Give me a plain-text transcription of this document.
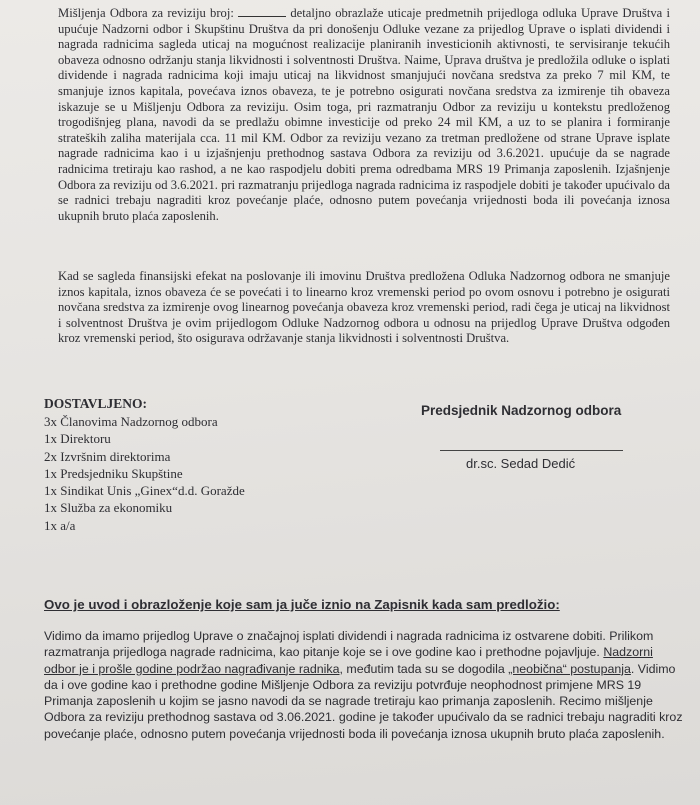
Mišljenja Odbora za reviziju broj:	detaljno obrazlaže uticaje predmetnih prijedloga odluka Uprave Društva i upućuje Nadzorni odbor i Skupštinu Društva da pri donošenju Odluke vezane za prijedlog Uprave o isplati dividendi i nagrada radnicima sagleda uticaj na mogućnost realizacije planiranih investicionih aktivnosti, te servisiranje tekućih obaveza odnosno održanju stanja likvidnosti i solventnosti Društva. Naime, Uprava društva je predložila odluke o isplati dividende i nagrada radnicima koji imaju uticaj na likvidnost smanjujući novčana sredstva za preko 7 mil KM, te smanjuje iznos kapitala, povećava iznos obaveza, te je potrebno osigurati novčana sredstva za izmirenje tih obaveza iskazuje se u Mišljenju Odbora za reviziju. Osim toga, pri razmatranju Odbor za reviziju u kontekstu predloženog trogodišnjeg plana, navodi da se predlažu obimne investicije od preko 24 mil KM, a uz to se planira i formiranje strateških zaliha materijala cca. 11 mil KM. Odbor za reviziju vezano za tretman predložene od strane Uprave isplate nagrade radnicima kao i u izjašnjenju prethodnog sastava Odbora za reviziju od 3.6.2021. upućuje da se nagrade radnicima tretiraju kao rashod, a ne kao raspodjelu dobiti prema odredbama MRS 19 Primanja zaposlenih. Izjašnjenje Odbora za reviziju od 3.6.2021. pri razmatranju prijedloga nagrada radnicima iz raspodjele dobiti je također upućivalo da se radnici trebaju nagraditi kroz povećanje plaće, odnosno putem povećanja vrijednosti boda ili povećanja iznosa ukupnih bruto plaća zaposlenih.

Kad se sagleda finansijski efekat na poslovanje ili imovinu Društva predložena Odluka Nadzornog odbora ne smanjuje iznos kapitala, iznos obaveza će se povećati i to linearno kroz vremenski period po ovom osnovu i potrebno je osigurati novčana sredstva za izmirenje ovog linearnog povećanja obaveza kroz vremenski period, radi čega je uticaj na likvidnost i solventnost Društva je ovim prijedlogom Odluke Nadzornog odbora u odnosu na prijedlog Uprave Društva odgođen kroz vremenski period, što osigurava održavanje stanja likvidnosti i solventnosti Društva.

DOSTAVLJENO:

3x Članovima Nadzornog odbora
1x Direktoru
2x Izvršnim direktorima
1x Predsjedniku Skupštine
1x Sindikat Unis „Ginex“d.d. Goražde
1x Služba za ekonomiku
1x a/a

Predsjednik Nadzornog odbora

dr.sc. Sedad Dedić

Ovo je uvod i obrazloženje koje sam ja juče iznio na Zapisnik kada sam predložio:

Vidimo da imamo prijedlog Uprave o značajnoj isplati dividendi i nagrada radnicima iz ostvarene dobiti. Prilikom razmatranja prijedloga nagrade radnicima, kao pitanje koje se i ove godine kao i prethodne pojavljuje. Nadzorni odbor je i prošle godine podržao nagrađivanje radnika, međutim tada su se dogodila „neobična“ postupanja. Vidimo da i ove godine kao i prethodne godine Mišljenje Odbora za reviziju potvrđuje neophodnost primjene MRS 19 Primanja zaposlenih u kojim se jasno navodi da se nagrade tretiraju kao primanja zaposlenih. Recimo mišljenje Odbora za reviziju prethodnog sastava od 3.06.2021. godine je također upućivalo da se radnici trebaju nagraditi kroz povećanje plaće, odnosno putem povećanja vrijednosti boda ili povećanja iznosa ukupnih bruto plaća zaposlenih.
